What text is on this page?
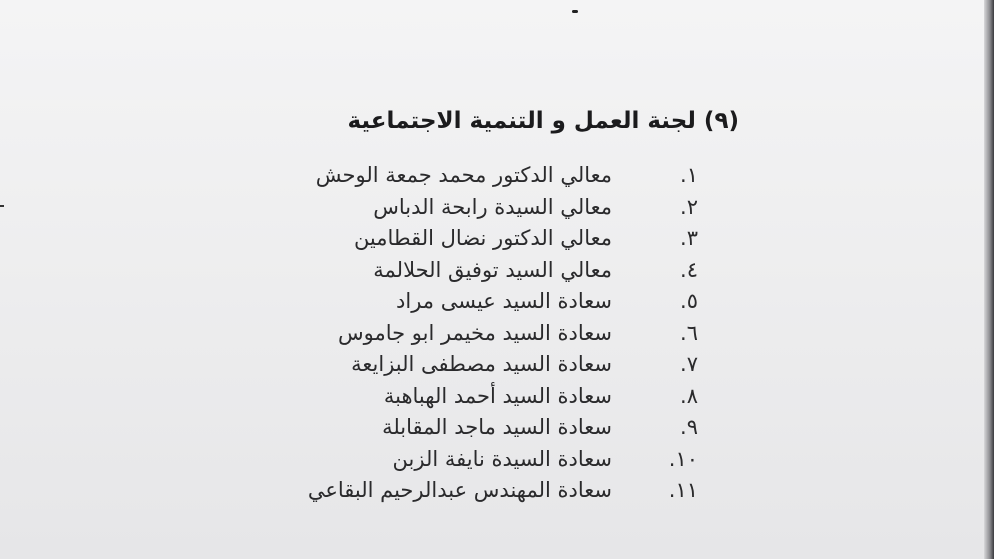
(٩) لجنة العمل و التنمية الاجتماعية
١.
معالي الدكتور محمد جمعة الوحش
٢.
معالي السيدة رابحة الدباس
٣.
معالي الدكتور نضال القطامين
٤.
معالي السيد توفيق الحلالمة
٥.
سعادة السيد عيسى مراد
٦.
سعادة السيد مخيمر ابو جاموس
٧.
سعادة السيد مصطفى البزايعة
٨.
سعادة السيد أحمد الهباهبة
٩.
سعادة السيد ماجد المقابلة
١٠.
سعادة السيدة نايفة الزبن
١١.
سعادة المهندس عبدالرحيم البقاعي
